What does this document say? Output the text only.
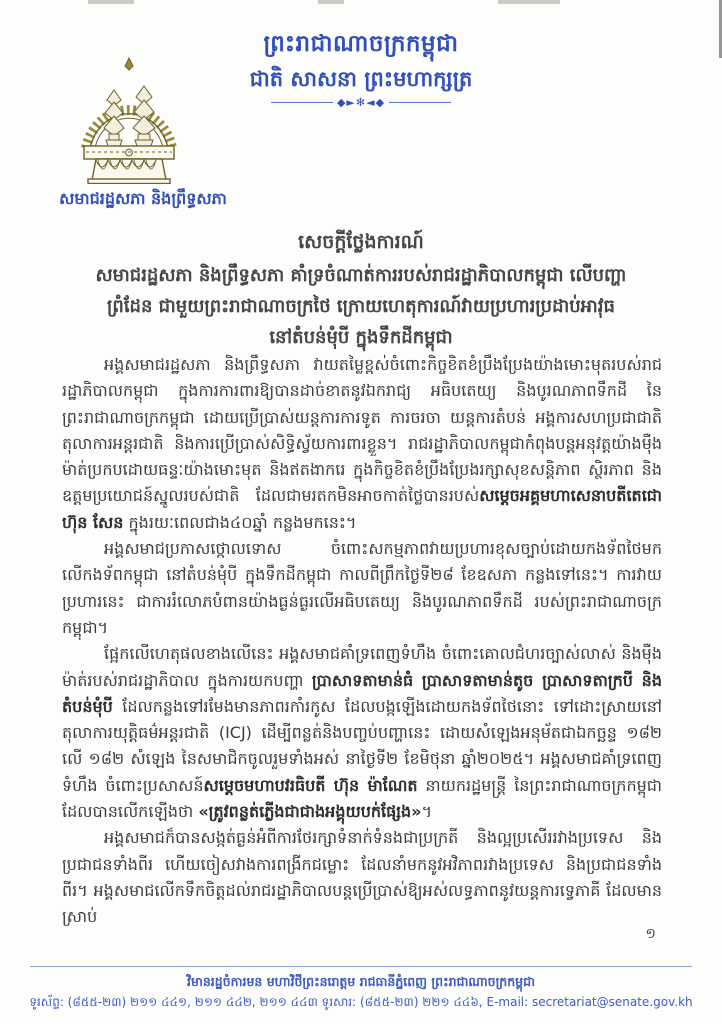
ព្រះរាជាណាចក្រកម្ពុជា
ជាតិ សាសនា ព្រះមហាក្សត្រ
◆►✻◄◆
សមាជរដ្ឋសភា និងព្រឹទ្ធសភា
សេចក្តីថ្លែងការណ៍
សមាជរដ្ឋសភា និងព្រឹទ្ធសភា គាំទ្រចំណាត់ការរបស់រាជរដ្ឋាភិបាលកម្ពុជា លើបញ្ហា
ព្រំដែន ជាមួយព្រះរាជាណាចក្រថៃ ក្រោយហេតុការណ៍វាយប្រហារប្រដាប់អាវុធ
នៅតំបន់មុំបី ក្នុងទឹកដីកម្ពុជា

អង្គសមាជរដ្ឋសភា និងព្រឹទ្ធសភា វាយតម្លៃខ្ពស់ចំពោះកិច្ចខិតខំប្រឹងប្រែងយ៉ាងមោះមុតរបស់រាជរដ្ឋាភិបាលកម្ពុជា ក្នុងការការពារឱ្យបានដាច់ខាតនូវឯករាជ្យ អធិបតេយ្យ និងបូរណភាពទឹកដី នៃព្រះរាជាណាចក្រកម្ពុជា ដោយប្រើប្រាស់យន្តការការទូត ការចរចា យន្តការតំបន់ អង្គការសហប្រជាជាតិ តុលាការអន្តរជាតិ និងការប្រើប្រាស់សិទ្ធិស្វ័យការពារខ្លួន។ រាជរដ្ឋាភិបាលកម្ពុជាកំពុងបន្តអនុវត្តយ៉ាងម៉ឺងម៉ាត់ប្រកបដោយធន្ទៈយ៉ាងមោះមុត និងឥតងាករេ ក្នុងកិច្ចខិតខំប្រឹងប្រែងរក្សាសុខសន្តិភាព ស្ថិរភាព និងឧត្តមប្រយោជន៍ស្នូលរបស់ជាតិ ដែលជាមរតកមិនអាចកាត់ថ្លៃបានរបស់សម្តេចអគ្គមហាសេនាបតីតេជោ ហ៊ុន សែន ក្នុងរយៈពេលជាង៤០ឆ្នាំ កន្លងមកនេះ។

អង្គសមាជប្រកាសថ្កោលទោស ចំពោះសកម្មភាពវាយប្រហារខុសច្បាប់ដោយកងទ័ពថៃមកលើកងទ័ពកម្ពុជា នៅតំបន់មុំបី ក្នុងទឹកដីកម្ពុជា កាលពីព្រឹកថ្ងៃទី២៨ ខែឧសភា កន្លងទៅនេះ។ ការវាយប្រហារនេះ ជាការរំលោភបំពានយ៉ាងធ្ងន់ធ្ងរលើអធិបតេយ្យ និងបូរណភាពទឹកដី របស់ព្រះរាជាណាចក្រកម្ពុជា។

ផ្អែកលើហេតុផលខាងលើនេះ អង្គសមាជគាំទ្រពេញទំហឹង ចំពោះគោលជំហរច្បាស់លាស់ និងម៉ឺងម៉ាត់របស់រាជរដ្ឋាភិបាល ក្នុងការយកបញ្ហា ប្រាសាទតាមាន់ធំ ប្រាសាទតាមាន់តូច ប្រាសាទតាក្របី និងតំបន់មុំបី ដែលកន្លងទៅរមែងមានភាពរកាំរកូស ដែលបង្កឡើងដោយកងទ័ពថៃនោះ ទៅដោះស្រាយនៅតុលាការយុត្តិធម៌អន្តរជាតិ (ICJ) ដើម្បីពន្លត់និងបញ្ចប់បញ្ហានេះ ដោយសំឡេងអនុម័តជាឯកច្ឆន្ទ ១៨២ លើ ១៨២ សំឡេង នៃសមាជិកចូលរួមទាំងអស់ នាថ្ងៃទី២ ខែមិថុនា ឆ្នាំ២០២៥។ អង្គសមាជគាំទ្រពេញទំហឹង ចំពោះប្រសាសន៍សម្តេចមហាបវរធិបតី ហ៊ុន ម៉ាណែត នាយករដ្ឋមន្ត្រី នៃព្រះរាជាណាចក្រកម្ពុជា ដែលបានលើកឡើងថា «ត្រូវពន្លត់ភ្លើងជាជាងអង្គុយបក់ផ្សែង»។

អង្គសមាជក៏បានសង្កត់ធ្ងន់អំពីការថែរក្សាទំនាក់ទំនងជាប្រក្រតី និងល្អប្រសើររវាងប្រទេស និងប្រជាជនទាំងពីរ ហើយចៀសវាងការពង្រីកជម្លោះ ដែលនាំមកនូវអវិភាពរវាងប្រទេស និងប្រជាជនទាំងពីរ។ អង្គសមាជលើកទឹកចិត្តដល់រាជរដ្ឋាភិបាលបន្តប្រើប្រាស់ឱ្យអស់លទ្ធភាពនូវយន្តការទ្វេភាគី ដែលមានស្រាប់

១
វិមានរដ្ឋចំការមន មហាវិថីព្រះនរោត្តម រាជធានីភ្នំពេញ ព្រះរាជាណាចក្រកម្ពុជា
ទូរស័ព្ទ: (៨៥៥-២៣) ២១១ ៤៤១, ២១១ ៤៤២, ២១១ ៤៤៣ ទូរសារ: (៨៥៥-២៣) ២២១ ៤៤៦, E-mail: secretariat@senate.gov.kh
